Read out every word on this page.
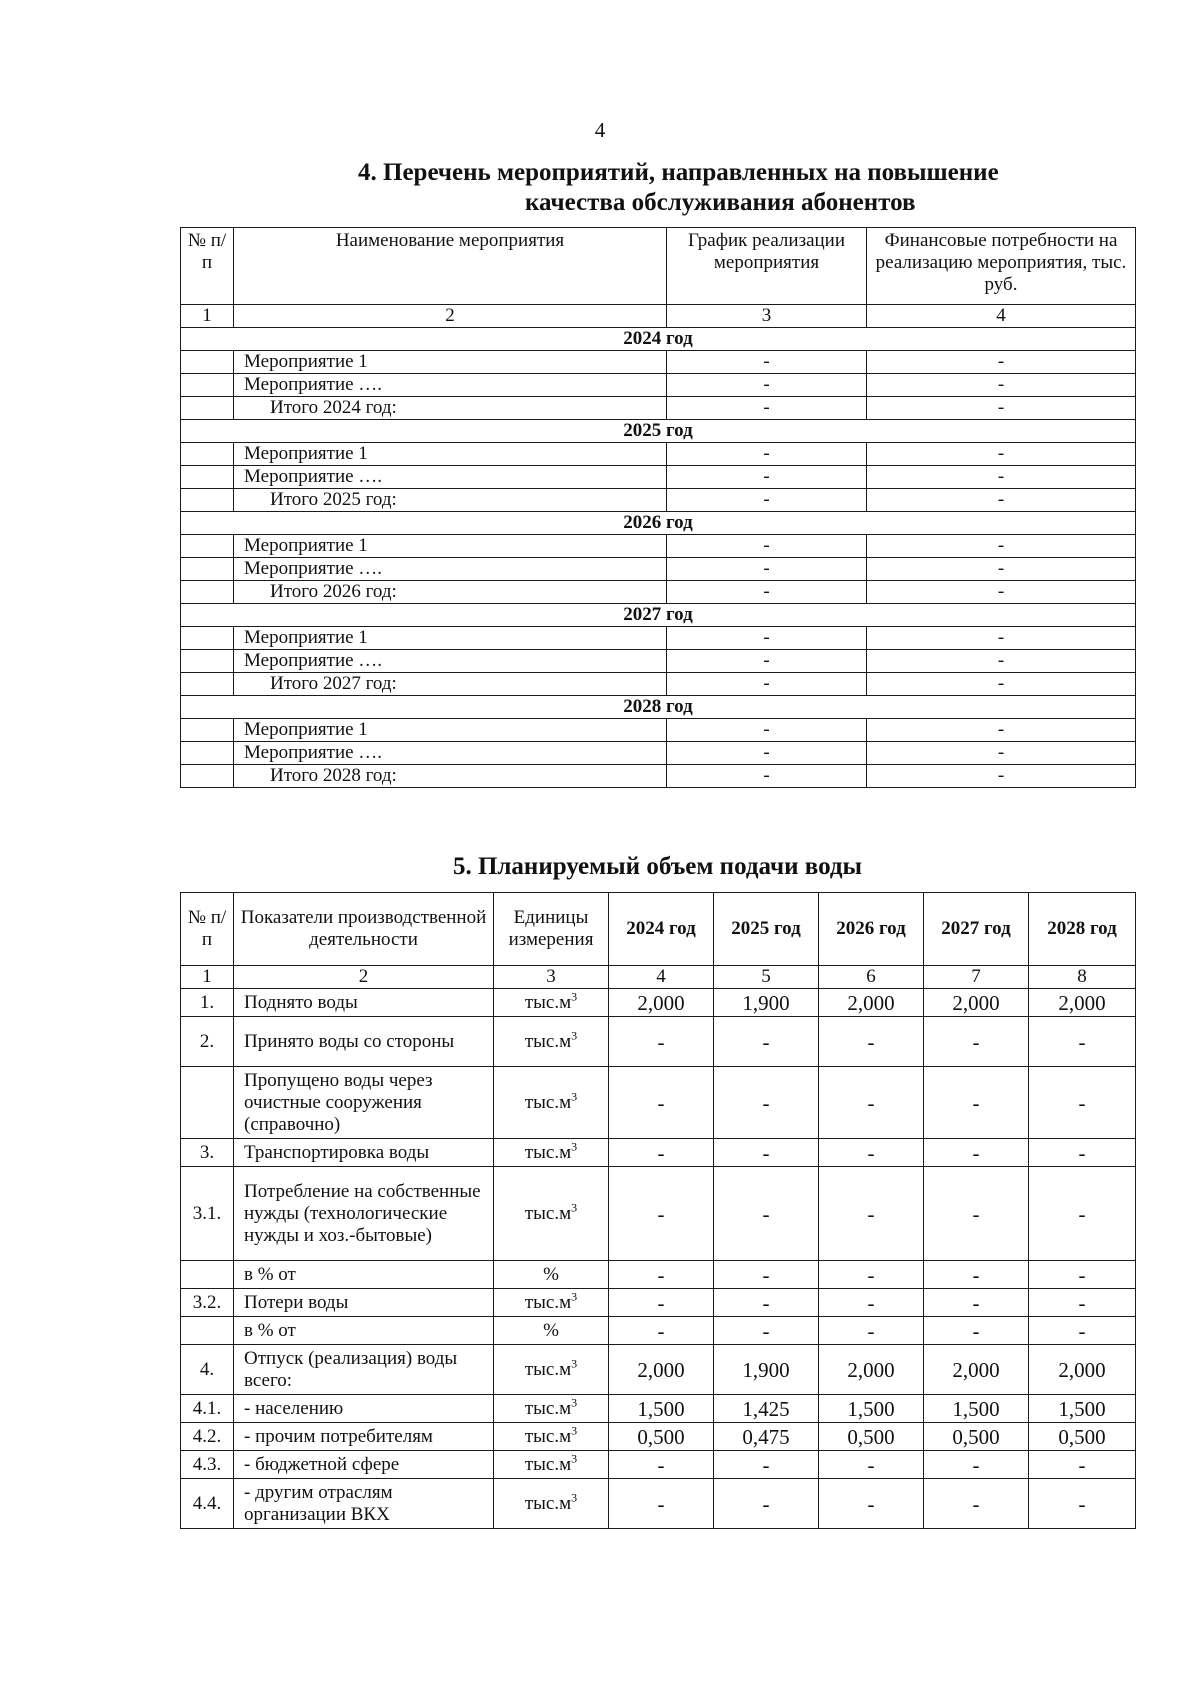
4
4. Перечень мероприятий, направленных на повышение
качества обслуживания абонентов
№ п/п	Наименование мероприятия	График реализации мероприятия	Финансовые потребности на реализацию мероприятия, тыс. руб.
1	2	3	4
2024 год			
	Мероприятие 1	-	-
	Мероприятие ….	-	-
	Итого 2024 год:	-	-
2025 год			
	Мероприятие 1	-	-
	Мероприятие ….	-	-
	Итого 2025 год:	-	-
2026 год			
	Мероприятие 1	-	-
	Мероприятие ….	-	-
	Итого 2026 год:	-	-
2027 год			
	Мероприятие 1	-	-
	Мероприятие ….	-	-
	Итого 2027 год:	-	-
2028 год			
	Мероприятие 1	-	-
	Мероприятие ….	-	-
	Итого 2028 год:	-	-
5. Планируемый объем подачи воды
№ п/п	Показатели производственной деятельности	Единицы измерения	2024 год	2025 год	2026 год	2027 год	2028 год
1	2	3	4	5	6	7	8
1.	Поднято воды	$тыс.м^3$	2,000	1,900	2,000	2,000	2,000
2.	Принято воды со стороны	$тыс.м^3$	-	-	-	-	-
	Пропущено воды через очистные сооружения (справочно)	$тыс.м^3$	-	-	-	-	-
3.	Транспортировка воды	$тыс.м^3$	-	-	-	-	-
3.1.	Потребление на собственные нужды (технологические нужды и хоз.-бытовые)	$тыс.м^3$	-	-	-	-	-
	в % от	%	-	-	-	-	-
3.2.	Потери воды	$тыс.м^3$	-	-	-	-	-
	в % от	%	-	-	-	-	-
4.	Отпуск (реализация) воды всего:	$тыс.м^3$	2,000	1,900	2,000	2,000	2,000
4.1.	- населению	$тыс.м^3$	1,500	1,425	1,500	1,500	1,500
4.2.	- прочим потребителям	$тыс.м^3$	0,500	0,475	0,500	0,500	0,500
4.3.	- бюджетной сфере	$тыс.м^3$	-	-	-	-	-
4.4.	- другим отраслям организации ВКХ	$тыс.м^3$	-	-	-	-	-
